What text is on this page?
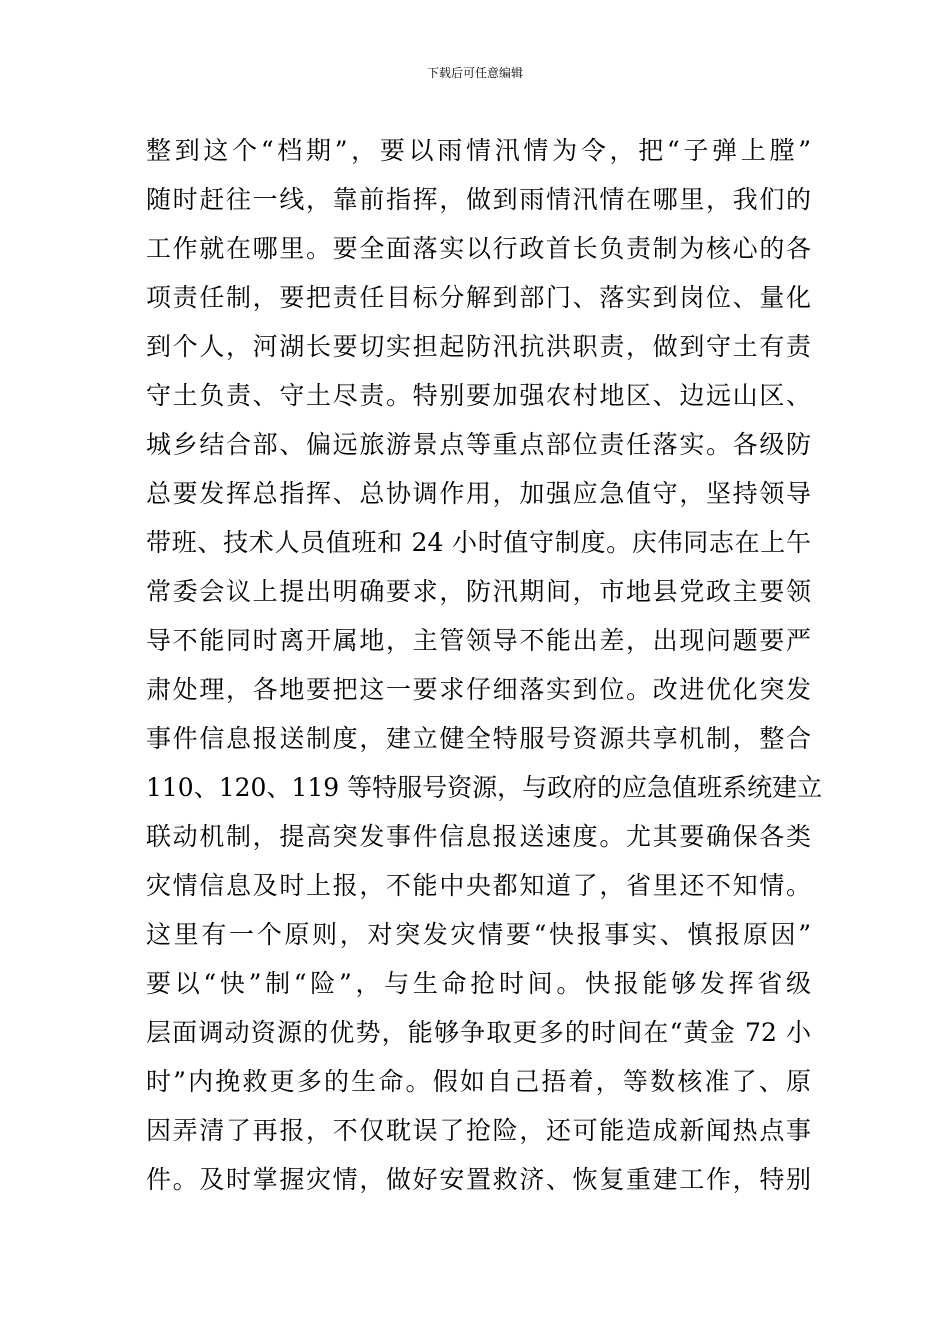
下载后可任意编辑
整到这个“档期”，要以雨情汛情为令，把“子弹上膛”
随时赶往一线，靠前指挥，做到雨情汛情在哪里，我们的
工作就在哪里。要全面落实以行政首长负责制为核心的各
项责任制，要把责任目标分解到部门、落实到岗位、量化
到个人，河湖长要切实担起防汛抗洪职责，做到守土有责
守土负责、守土尽责。特别要加强农村地区、边远山区、
城乡结合部、偏远旅游景点等重点部位责任落实。各级防
总要发挥总指挥、总协调作用，加强应急值守，坚持领导
带班、技术人员值班和 24 小时值守制度。庆伟同志在上午
常委会议上提出明确要求，防汛期间，市地县党政主要领
导不能同时离开属地，主管领导不能出差，出现问题要严
肃处理，各地要把这一要求仔细落实到位。改进优化突发
事件信息报送制度，建立健全特服号资源共享机制，整合
110、120、119 等特服号资源，与政府的应急值班系统建立
联动机制，提高突发事件信息报送速度。尤其要确保各类
灾情信息及时上报，不能中央都知道了，省里还不知情。
这里有一个原则，对突发灾情要“快报事实、慎报原因”
要以“快”制“险”，与生命抢时间。快报能够发挥省级
层面调动资源的优势，能够争取更多的时间在“黄金 72 小
时”内挽救更多的生命。假如自己捂着，等数核准了、原
因弄清了再报，不仅耽误了抢险，还可能造成新闻热点事
件。及时掌握灾情，做好安置救济、恢复重建工作，特别
